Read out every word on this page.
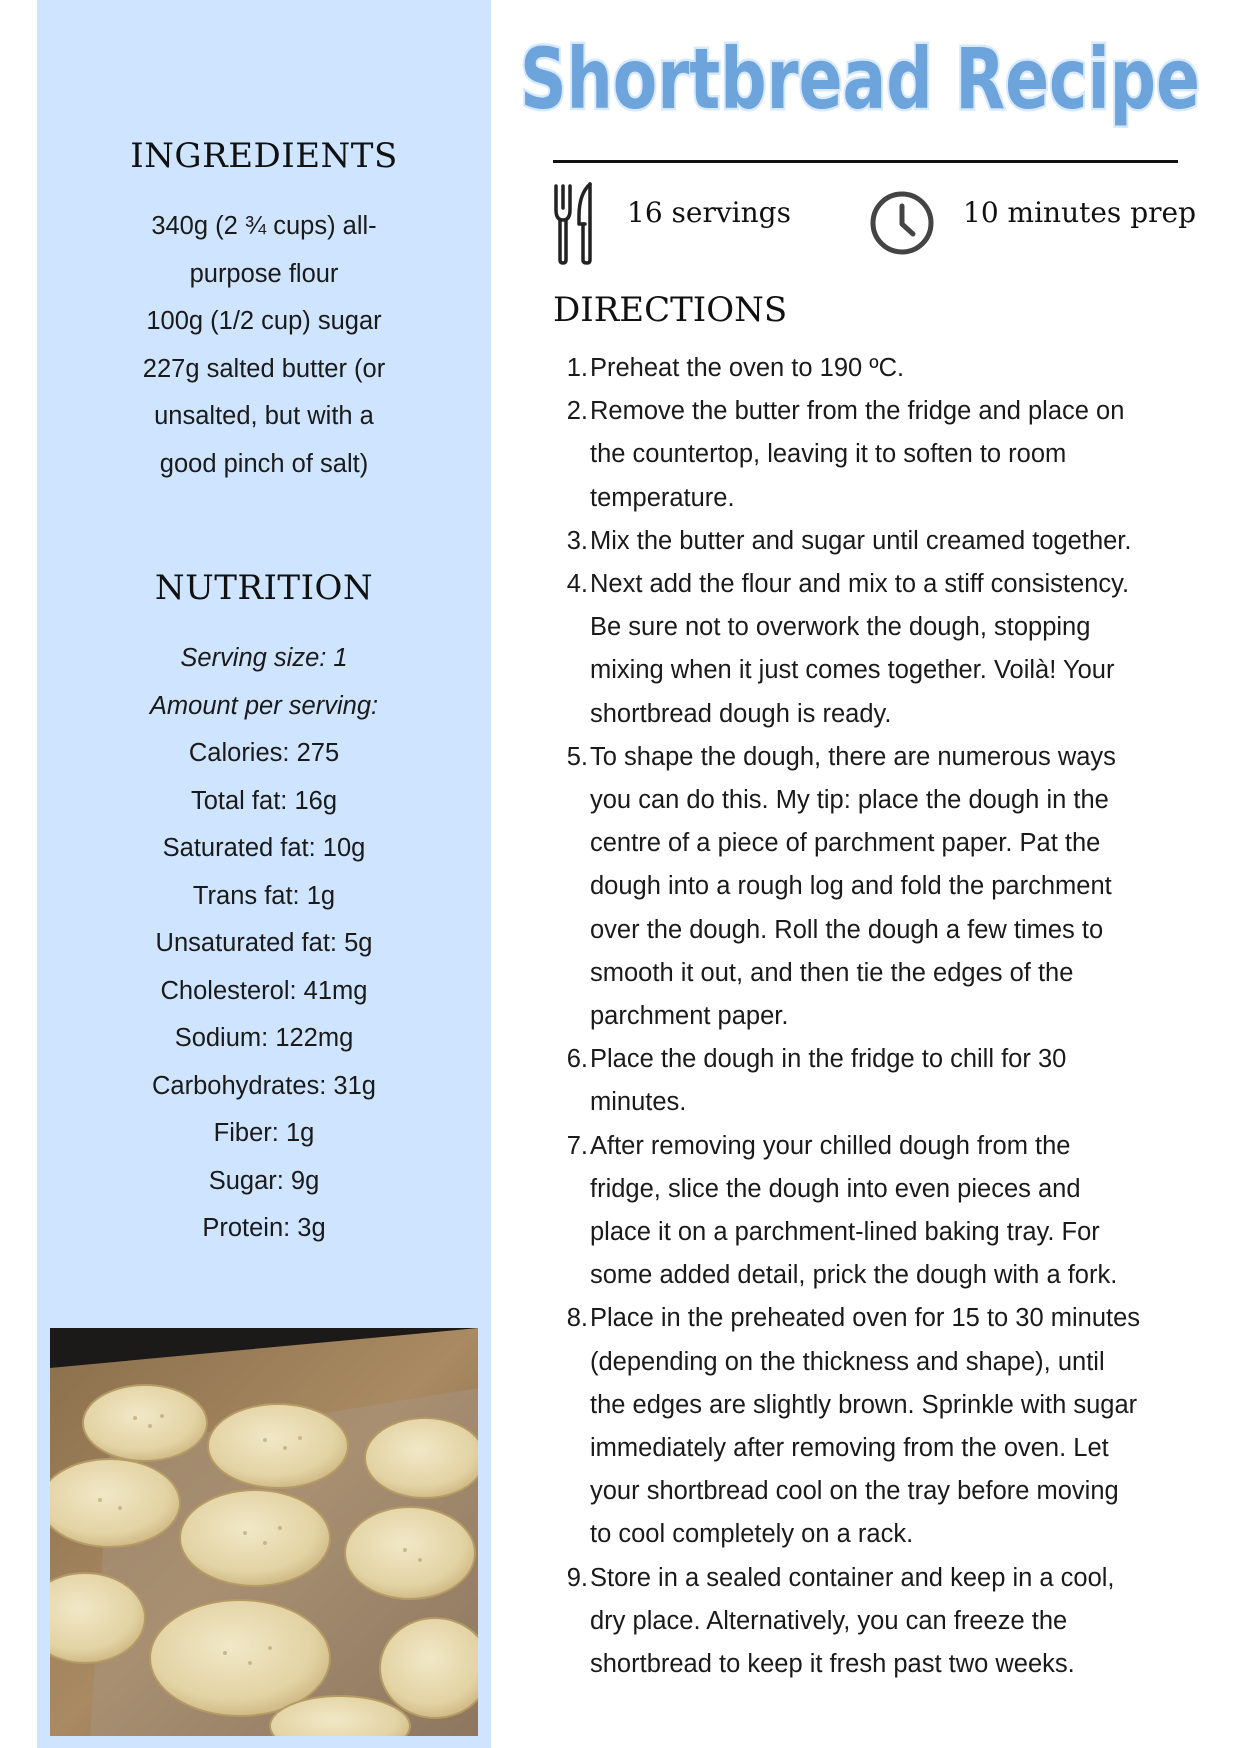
INGREDIENTS
340g (2 ¾ cups) all-
purpose flour
100g (1/2 cup) sugar
227g salted butter (or
unsalted, but with a
good pinch of salt)
NUTRITION
Serving size: 1
Amount per serving:
Calories: 275
Total fat: 16g
Saturated fat: 10g
Trans fat: 1g
Unsaturated fat: 5g
Cholesterol: 41mg
Sodium: 122mg
Carbohydrates: 31g
Fiber: 1g
Sugar: 9g
Protein: 3g
Shortbread Recipe
16 servings	10 minutes prep
DIRECTIONS
1. Preheat the oven to 190 ºC.
2. Remove the butter from the fridge and place on
the countertop, leaving it to soften to room
temperature.
3. Mix the butter and sugar until creamed together.
4. Next add the flour and mix to a stiff consistency.
Be sure not to overwork the dough, stopping
mixing when it just comes together. Voilà! Your
shortbread dough is ready.
5. To shape the dough, there are numerous ways
you can do this. My tip: place the dough in the
centre of a piece of parchment paper. Pat the
dough into a rough log and fold the parchment
over the dough. Roll the dough a few times to
smooth it out, and then tie the edges of the
parchment paper.
6. Place the dough in the fridge to chill for 30
minutes.
7. After removing your chilled dough from the
fridge, slice the dough into even pieces and
place it on a parchment-lined baking tray. For
some added detail, prick the dough with a fork.
8. Place in the preheated oven for 15 to 30 minutes
(depending on the thickness and shape), until
the edges are slightly brown. Sprinkle with sugar
immediately after removing from the oven. Let
your shortbread cool on the tray before moving
to cool completely on a rack.
9. Store in a sealed container and keep in a cool,
dry place. Alternatively, you can freeze the
shortbread to keep it fresh past two weeks.
